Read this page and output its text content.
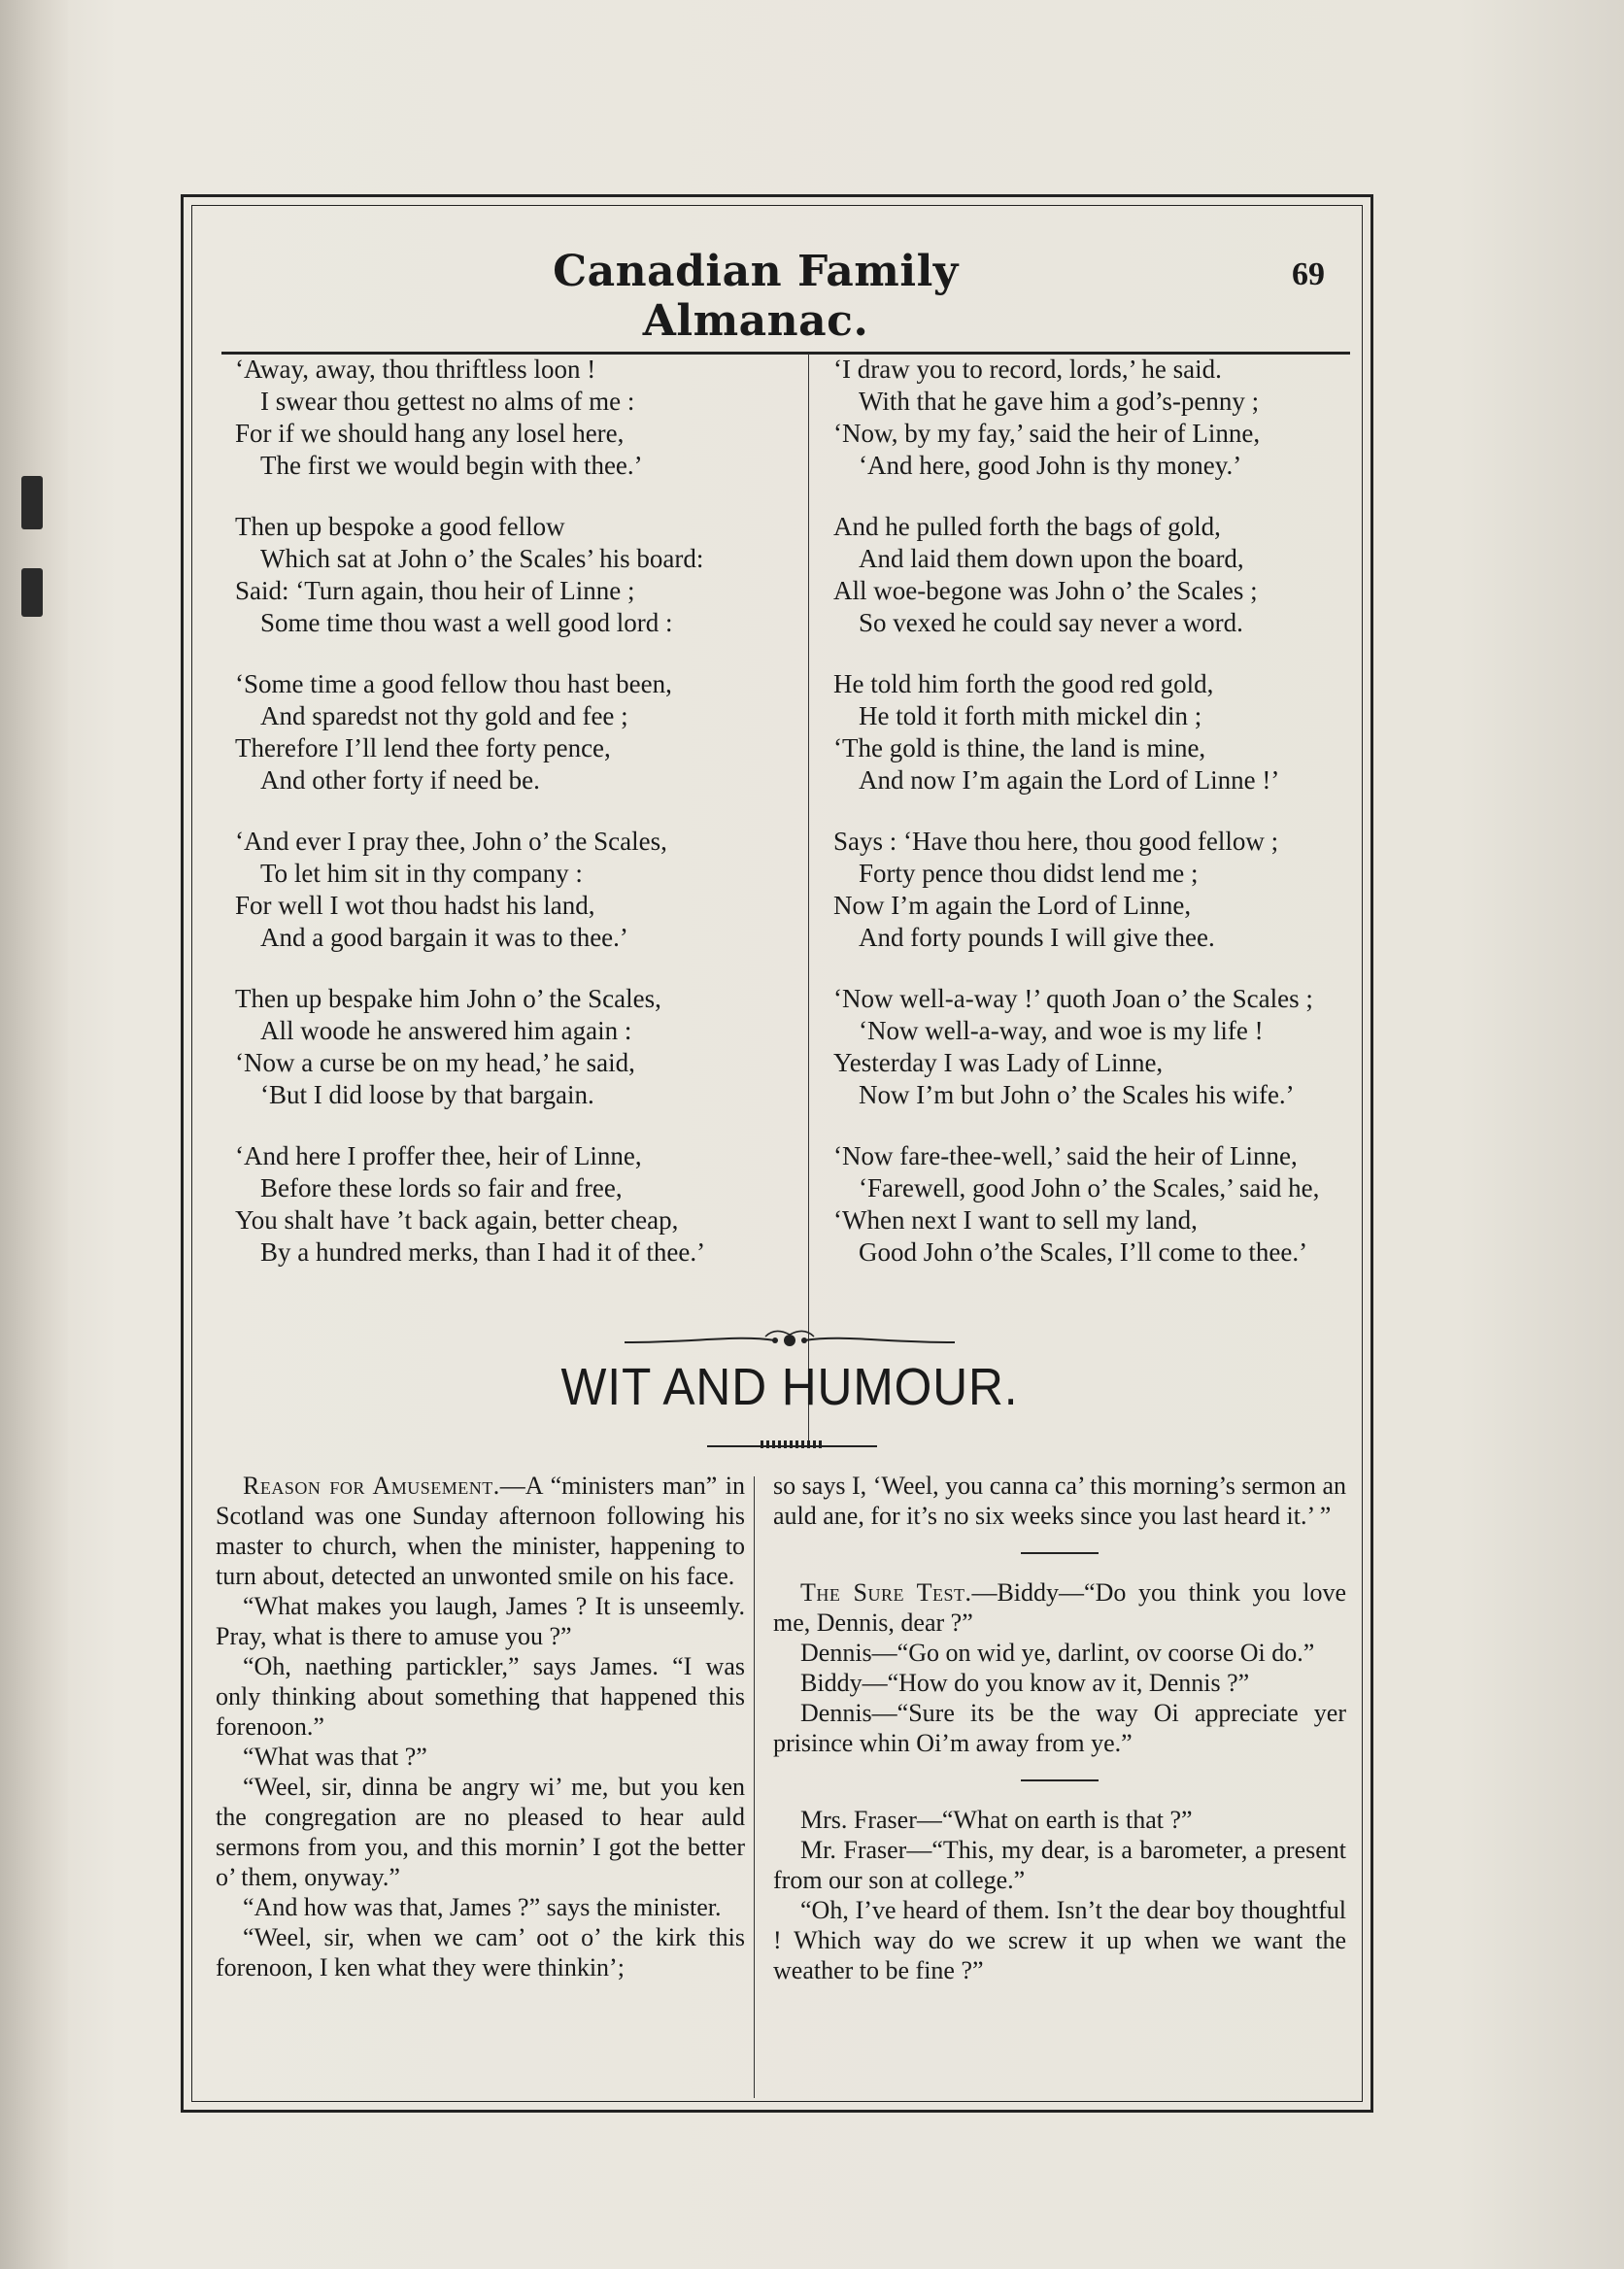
Canadian Family Almanac.
69
‘Away, away, thou thriftless loon !
I swear thou gettest no alms of me :
For if we should hang any losel here,
The first we would begin with thee.’
Then up bespoke a good fellow
Which sat at John o’ the Scales’ his board:
Said: ‘Turn again, thou heir of Linne ;
Some time thou wast a well good lord :
‘Some time a good fellow thou hast been,
And sparedst not thy gold and fee ;
Therefore I’ll lend thee forty pence,
And other forty if need be.
‘And ever I pray thee, John o’ the Scales,
To let him sit in thy company :
For well I wot thou hadst his land,
And a good bargain it was to thee.’
Then up bespake him John o’ the Scales,
All woode he answered him again :
‘Now a curse be on my head,’ he said,
‘But I did loose by that bargain.
‘And here I proffer thee, heir of Linne,
Before these lords so fair and free,
You shalt have ’t back again, better cheap,
By a hundred merks, than I had it of thee.’
‘I draw you to record, lords,’ he said.
With that he gave him a god’s-penny ;
‘Now, by my fay,’ said the heir of Linne,
‘And here, good John is thy money.’
And he pulled forth the bags of gold,
And laid them down upon the board,
All woe-begone was John o’ the Scales ;
So vexed he could say never a word.
He told him forth the good red gold,
He told it forth mith mickel din ;
‘The gold is thine, the land is mine,
And now I’m again the Lord of Linne !’
Says : ‘Have thou here, thou good fellow ;
Forty pence thou didst lend me ;
Now I’m again the Lord of Linne,
And forty pounds I will give thee.
‘Now well-a-way !’ quoth Joan o’ the Scales ;
‘Now well-a-way, and woe is my life !
Yesterday I was Lady of Linne,
Now I’m but John o’ the Scales his wife.’
‘Now fare-thee-well,’ said the heir of Linne,
‘Farewell, good John o’ the Scales,’ said he,
‘When next I want to sell my land,
Good John o’the Scales, I’ll come to thee.’
WIT AND HUMOUR.

Reason for Amusement.—A “ministers man” in Scotland was one Sunday afternoon following his master to church, when the minister, happening to turn about, detected an unwonted smile on his face.

“What makes you laugh, James ? It is unseemly. Pray, what is there to amuse you ?”

“Oh, naething partickler,” says James. “I was only thinking about something that happened this forenoon.”

“What was that ?”

“Weel, sir, dinna be angry wi’ me, but you ken the congregation are no pleased to hear auld sermons from you, and this mornin’ I got the better o’ them, onyway.”

“And how was that, James ?” says the minister.

“Weel, sir, when we cam’ oot o’ the kirk this forenoon, I ken what they were thinkin’;

so says I, ‘Weel, you canna ca’ this morning’s sermon an auld ane, for it’s no six weeks since you last heard it.’ ”

The Sure Test.—Biddy—“Do you think you love me, Dennis, dear ?”

Dennis—“Go on wid ye, darlint, ov coorse Oi do.”

Biddy—“How do you know av it, Dennis ?”

Dennis—“Sure its be the way Oi appreciate yer prisince whin Oi’m away from ye.”

Mrs. Fraser—“What on earth is that ?”

Mr. Fraser—“This, my dear, is a barometer, a present from our son at college.”

“Oh, I’ve heard of them. Isn’t the dear boy thoughtful ! Which way do we screw it up when we want the weather to be fine ?”
